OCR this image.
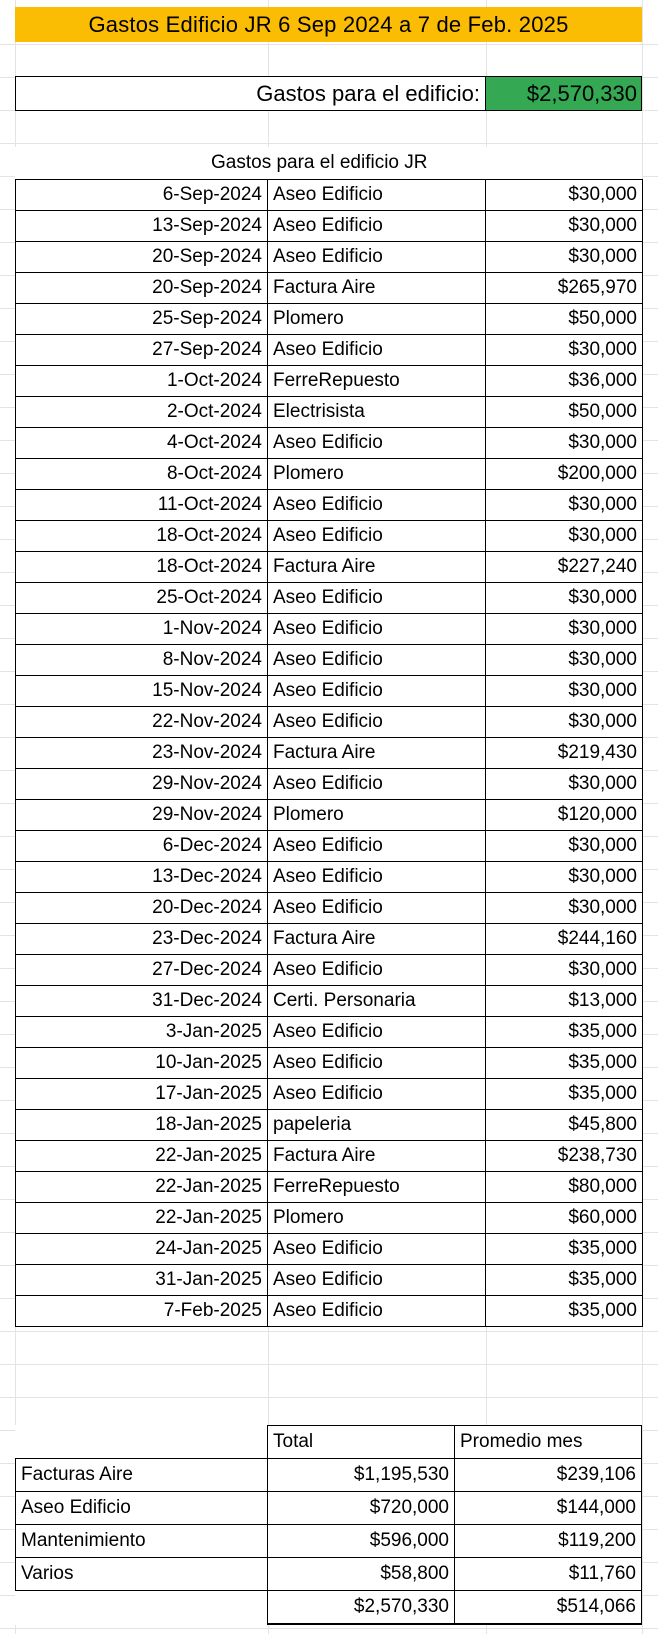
Gastos Edificio JR 6 Sep 2024 a 7 de Feb. 2025
Gastos para el edificio:	$2,570,330
Gastos para el edificio JR
6-Sep-2024	Aseo Edificio	$30,000
13-Sep-2024	Aseo Edificio	$30,000
20-Sep-2024	Aseo Edificio	$30,000
20-Sep-2024	Factura Aire	$265,970
25-Sep-2024	Plomero	$50,000
27-Sep-2024	Aseo Edificio	$30,000
1-Oct-2024	FerreRepuesto	$36,000
2-Oct-2024	Electrisista	$50,000
4-Oct-2024	Aseo Edificio	$30,000
8-Oct-2024	Plomero	$200,000
11-Oct-2024	Aseo Edificio	$30,000
18-Oct-2024	Aseo Edificio	$30,000
18-Oct-2024	Factura Aire	$227,240
25-Oct-2024	Aseo Edificio	$30,000
1-Nov-2024	Aseo Edificio	$30,000
8-Nov-2024	Aseo Edificio	$30,000
15-Nov-2024	Aseo Edificio	$30,000
22-Nov-2024	Aseo Edificio	$30,000
23-Nov-2024	Factura Aire	$219,430
29-Nov-2024	Aseo Edificio	$30,000
29-Nov-2024	Plomero	$120,000
6-Dec-2024	Aseo Edificio	$30,000
13-Dec-2024	Aseo Edificio	$30,000
20-Dec-2024	Aseo Edificio	$30,000
23-Dec-2024	Factura Aire	$244,160
27-Dec-2024	Aseo Edificio	$30,000
31-Dec-2024	Certi. Personaria	$13,000
3-Jan-2025	Aseo Edificio	$35,000
10-Jan-2025	Aseo Edificio	$35,000
17-Jan-2025	Aseo Edificio	$35,000
18-Jan-2025	papeleria	$45,800
22-Jan-2025	Factura Aire	$238,730
22-Jan-2025	FerreRepuesto	$80,000
22-Jan-2025	Plomero	$60,000
24-Jan-2025	Aseo Edificio	$35,000
31-Jan-2025	Aseo Edificio	$35,000
7-Feb-2025	Aseo Edificio	$35,000
	Total	Promedio mes
Facturas Aire	$1,195,530	$239,106
Aseo Edificio	$720,000	$144,000
Mantenimiento	$596,000	$119,200
Varios	$58,800	$11,760
	$2,570,330	$514,066
